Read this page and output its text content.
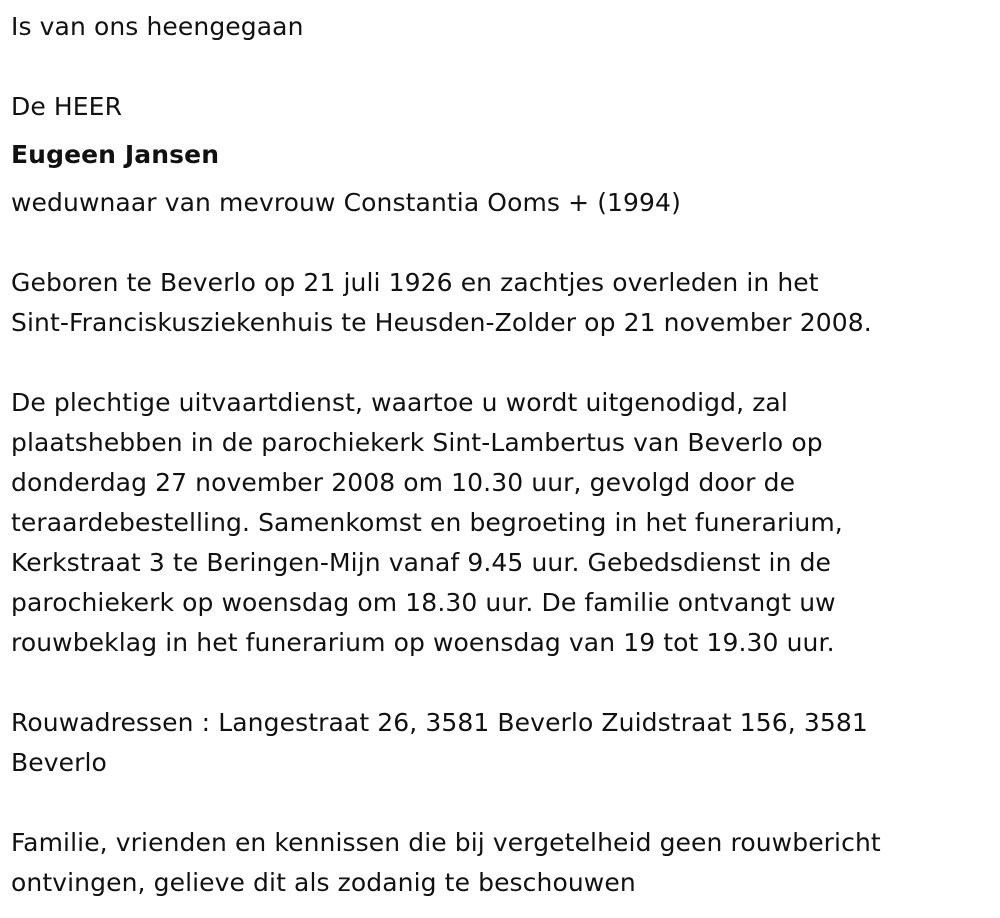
Is van ons heengegaan

De HEER

Eugeen Jansen

weduwnaar van mevrouw Constantia Ooms + (1994)

Geboren te Beverlo op 21 juli 1926 en zachtjes overleden in het

Sint-Franciskusziekenhuis te Heusden-Zolder op 21 november 2008.

De plechtige uitvaartdienst, waartoe u wordt uitgenodigd, zal

plaatshebben in de parochiekerk Sint-Lambertus van Beverlo op

donderdag 27 november 2008 om 10.30 uur, gevolgd door de

teraardebestelling. Samenkomst en begroeting in het funerarium,

Kerkstraat 3 te Beringen-Mijn vanaf 9.45 uur. Gebedsdienst in de

parochiekerk op woensdag om 18.30 uur. De familie ontvangt uw

rouwbeklag in het funerarium op woensdag van 19 tot 19.30 uur.

Rouwadressen : Langestraat 26, 3581 Beverlo Zuidstraat 156, 3581

Beverlo

Familie, vrienden en kennissen die bij vergetelheid geen rouwbericht

ontvingen, gelieve dit als zodanig te beschouwen
